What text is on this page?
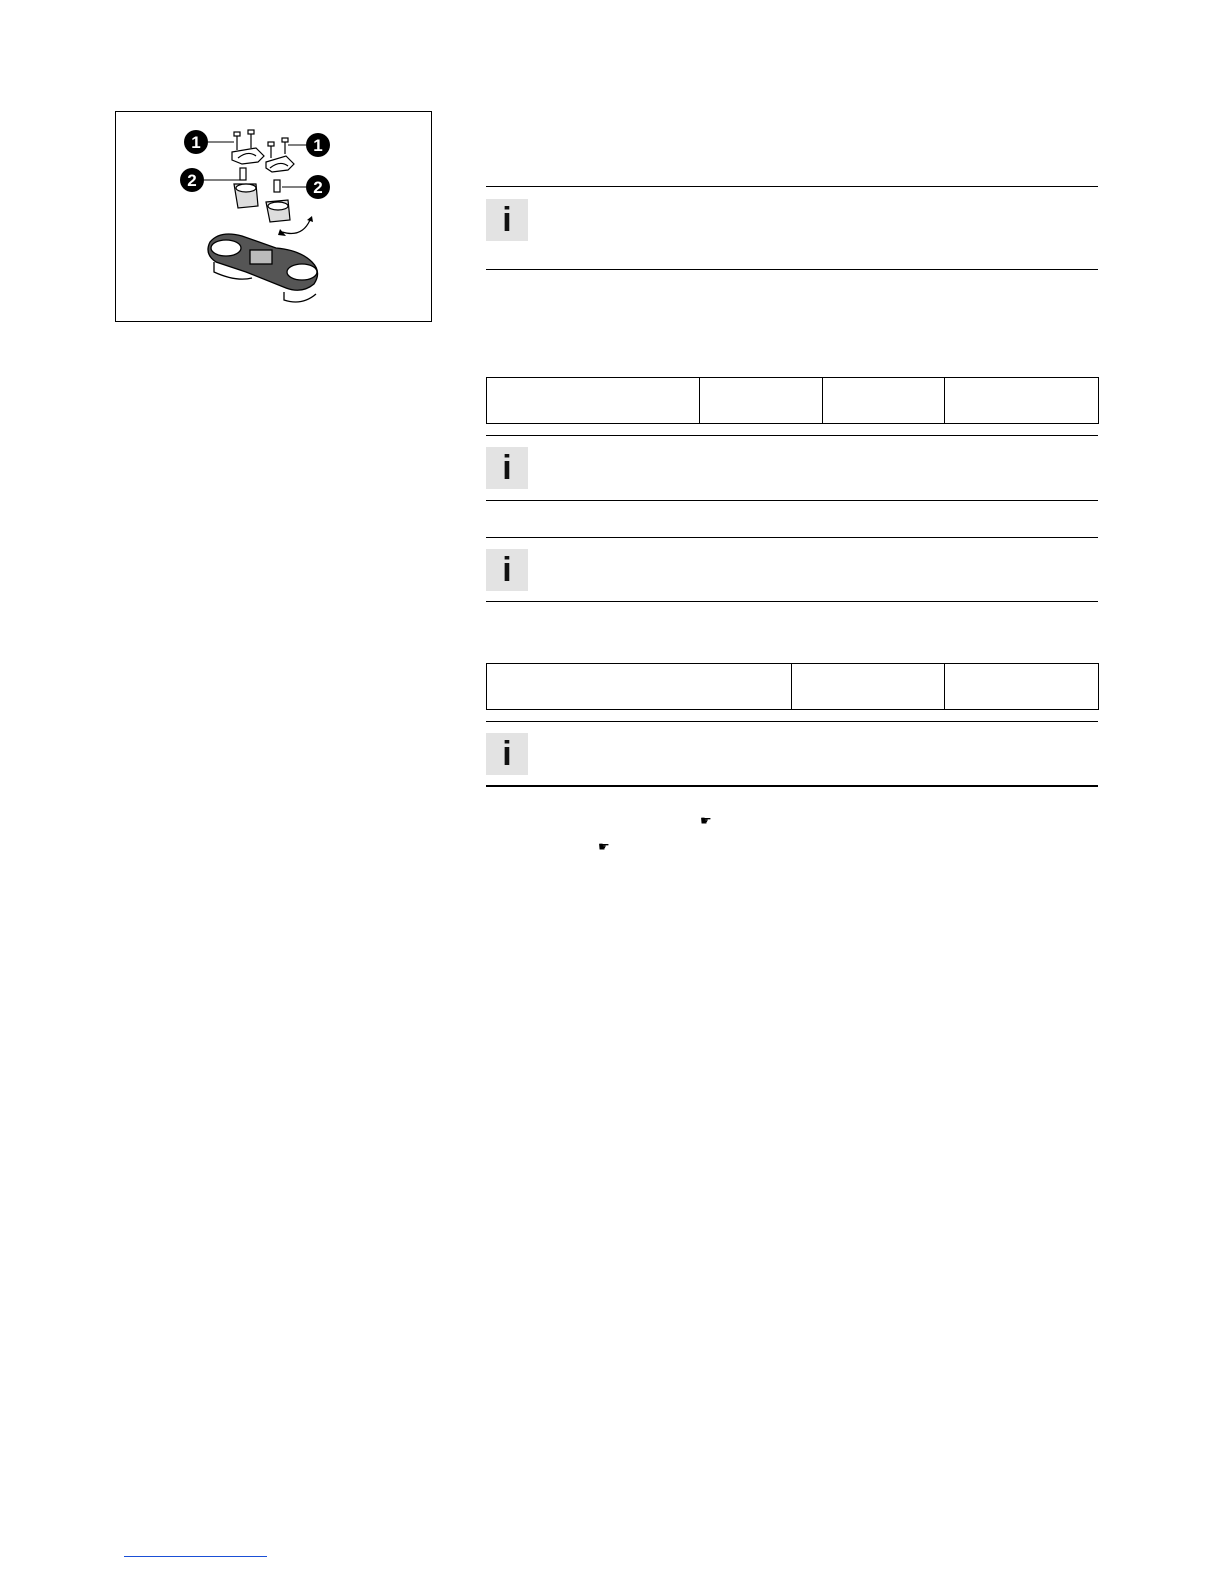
1	1
2	2
i

i
i

i
☛
☛
